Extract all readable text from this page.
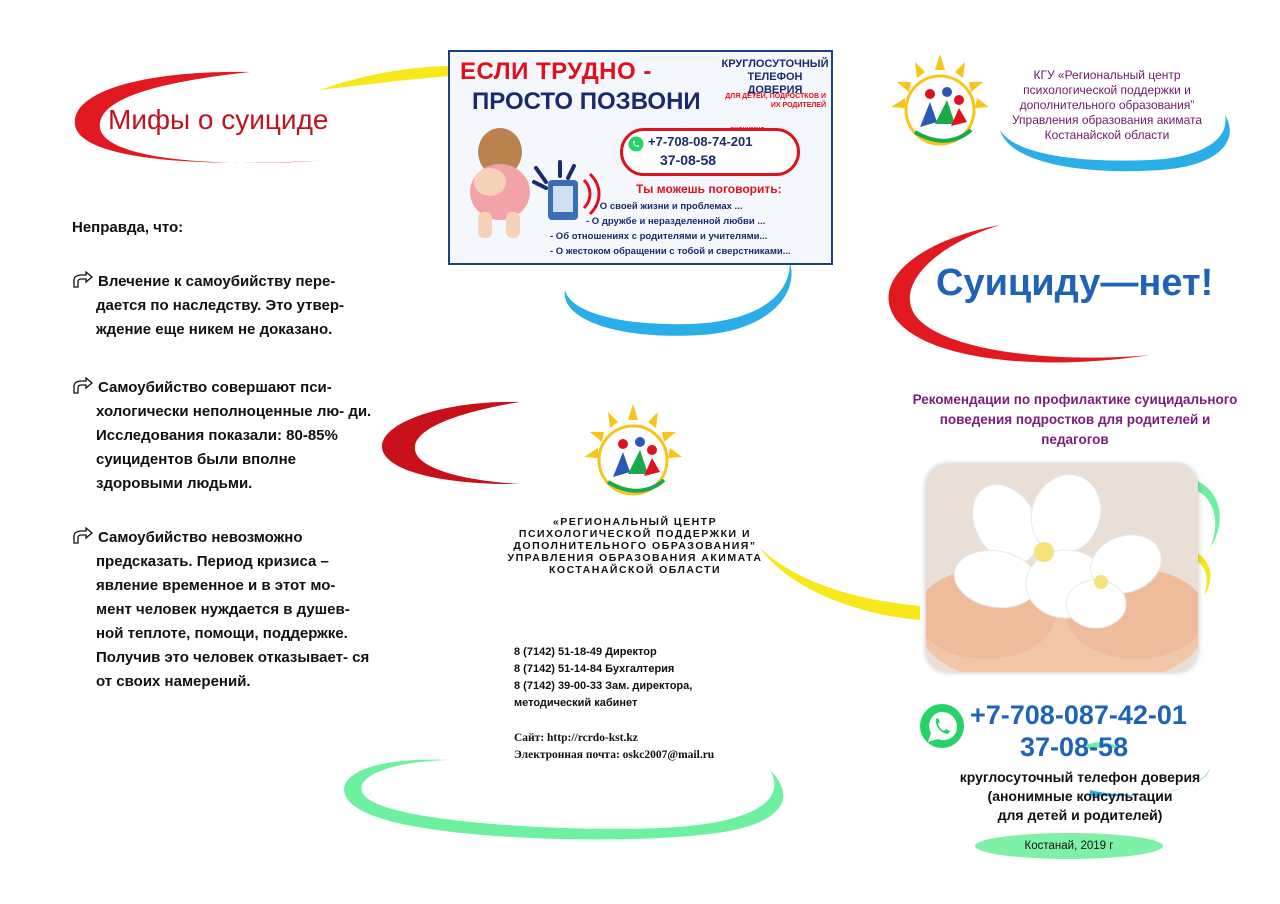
Мифы о суициде
Неправда, что:
Влечение к самоубийству пере-
дается по наследству. Это утвер- ждение еще никем не доказано.
Самоубийство совершают пси-
хологически неполноценные лю- ди. Исследования показали: 80-85% суицидентов были вполне здоровыми людьми.
Самоубийство невозможно
предсказать. Период кризиса – явление временное и в этот мо- мент человек нуждается в душев- ной теплоте, помощи, поддержке. Получив это человек отказывает- ся от своих намерений.
ЕСЛИ ТРУДНО -
ПРОСТО ПОЗВОНИ
КРУГЛОСУТОЧНЫЙ ТЕЛЕФОН ДОВЕРИЯ
ДЛЯ ДЕТЕЙ, ПОДРОСТКОВ И ИХ РОДИТЕЛЕЙ
анонимно
+7-708-08-74-201
37-08-58
Ты можешь поговорить:
- О своей жизни и проблемах ...
- О дружбе и неразделенной любви ...
- Об отношениях с родителями и учителями...
- О жестоком обращении с тобой и сверстниками...
«РЕГИОНАЛЬНЫЙ ЦЕНТР ПСИХОЛОГИЧЕСКОЙ ПОДДЕРЖКИ И ДОПОЛНИТЕЛЬНОГО ОБРАЗОВАНИЯ” УПРАВЛЕНИЯ ОБРАЗОВАНИЯ АКИМАТА КОСТАНАЙСКОЙ ОБЛАСТИ
8 (7142) 51-18-49 Директор
8 (7142) 51-14-84 Бухгалтерия
8 (7142) 39-00-33 Зам. директора,
методический кабинет
Сайт: http://rcrdo-kst.kz
Электронная почта: oskc2007@mail.ru
КГУ «Региональный центр психологической поддержки и дополнительного образования” Управления образования акимата Костанайской области
Суициду—нет!
Рекомендации по профилактике суицидального поведения подростков для родителей и педагогов
+7-708-087-42-01
37-08-58
круглосуточный телефон доверия
(анонимные консультации
для детей и родителей)
Костанай, 2019 г
